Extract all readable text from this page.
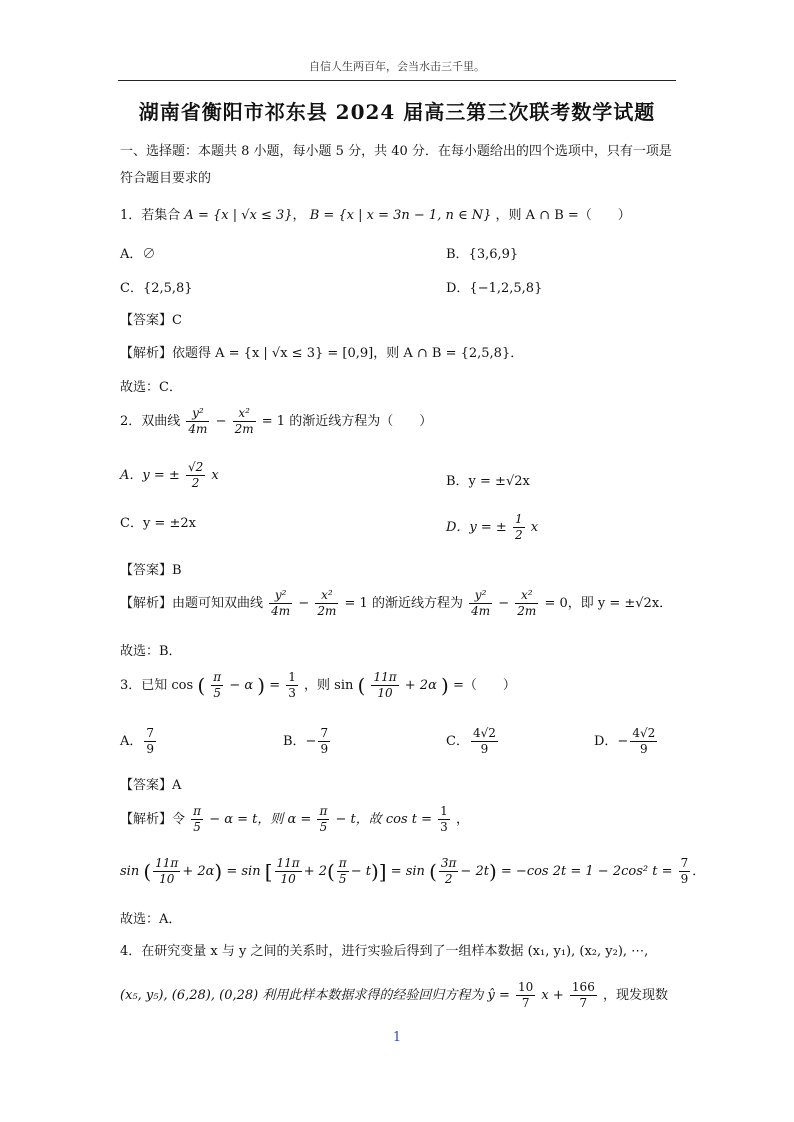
自信人生两百年，会当水击三千里。
湖南省衡阳市祁东县 2024 届高三第三次联考数学试题
一、选择题：本题共 8 小题，每小题 5 分，共 40 分．在每小题给出的四个选项中，只有一项是符合题目要求的
1．若集合 A = {x | √x ≤ 3}， B = {x | x = 3n − 1, n ∈ N} ，则 A ∩ B =（　　）
A．∅	B．{3,6,9}
C．{2,5,8}	D．{−1,2,5,8}
【答案】C
【解析】依题得 A = {x | √x ≤ 3} = [0,9]，则 A ∩ B = {2,5,8}．
故选：C．
2．双曲线 $\frac{\text{y²}}{4m} - \frac{\text{x²}}{2m} = 1$ 的渐近线方程为（　　）
A．y = ± $\frac{√2}{2}$ x	B．y = ±√2x
C．y = ±2x	D．y = ± $\frac{1}{2}$ x
【答案】B
【解析】由题可知双曲线 $\frac{\text{y²}}{4m} - \frac{\text{x²}}{2m} = 1$ 的渐近线方程为 $\frac{\text{y²}}{4m} - \frac{\text{x²}}{2m} = 0$，即 y = ±√2x．
故选：B．
3．已知 cos ( $\frac{\pi}{5} - \alpha$ ) = $\frac{1}{3}$ ，则 sin ( $\frac{11\pi}{10} + 2\alpha$ ) =（　　）
A． $\frac{7}{9}$	B．− $\frac{7}{9}$	C． $\frac{4√2}{9}$	D．− $\frac{4√2}{9}$
【答案】A
【解析】令 $\frac{\pi}{5} - \alpha = t$，则 $\alpha = \frac{\pi}{5} - t$，故 $\cos t = \frac{1}{3}$ ，
sin ( $\frac{11\pi}{10} + 2\alpha) = \sin$ [ $\frac{11\pi}{10} + 2( \frac{\pi}{5} - t)] = \sin$ ( $\frac{3\pi}{2} - 2t) = -\cos$ 2t = 1 − 2cos² $t = \frac{7}{9}$ ．
故选：A．
4．在研究变量 x 与 y 之间的关系时，进行实验后得到了一组样本数据 (x₁, y₁), (x₂, y₂), ⋯,
(x₅, y₅), (6,28), (0,28) 利用此样本数据求得的经验回归方程为 ŷ = $\frac{10}{7}$ $x + \frac{166}{7}$ ，现发现数
1
